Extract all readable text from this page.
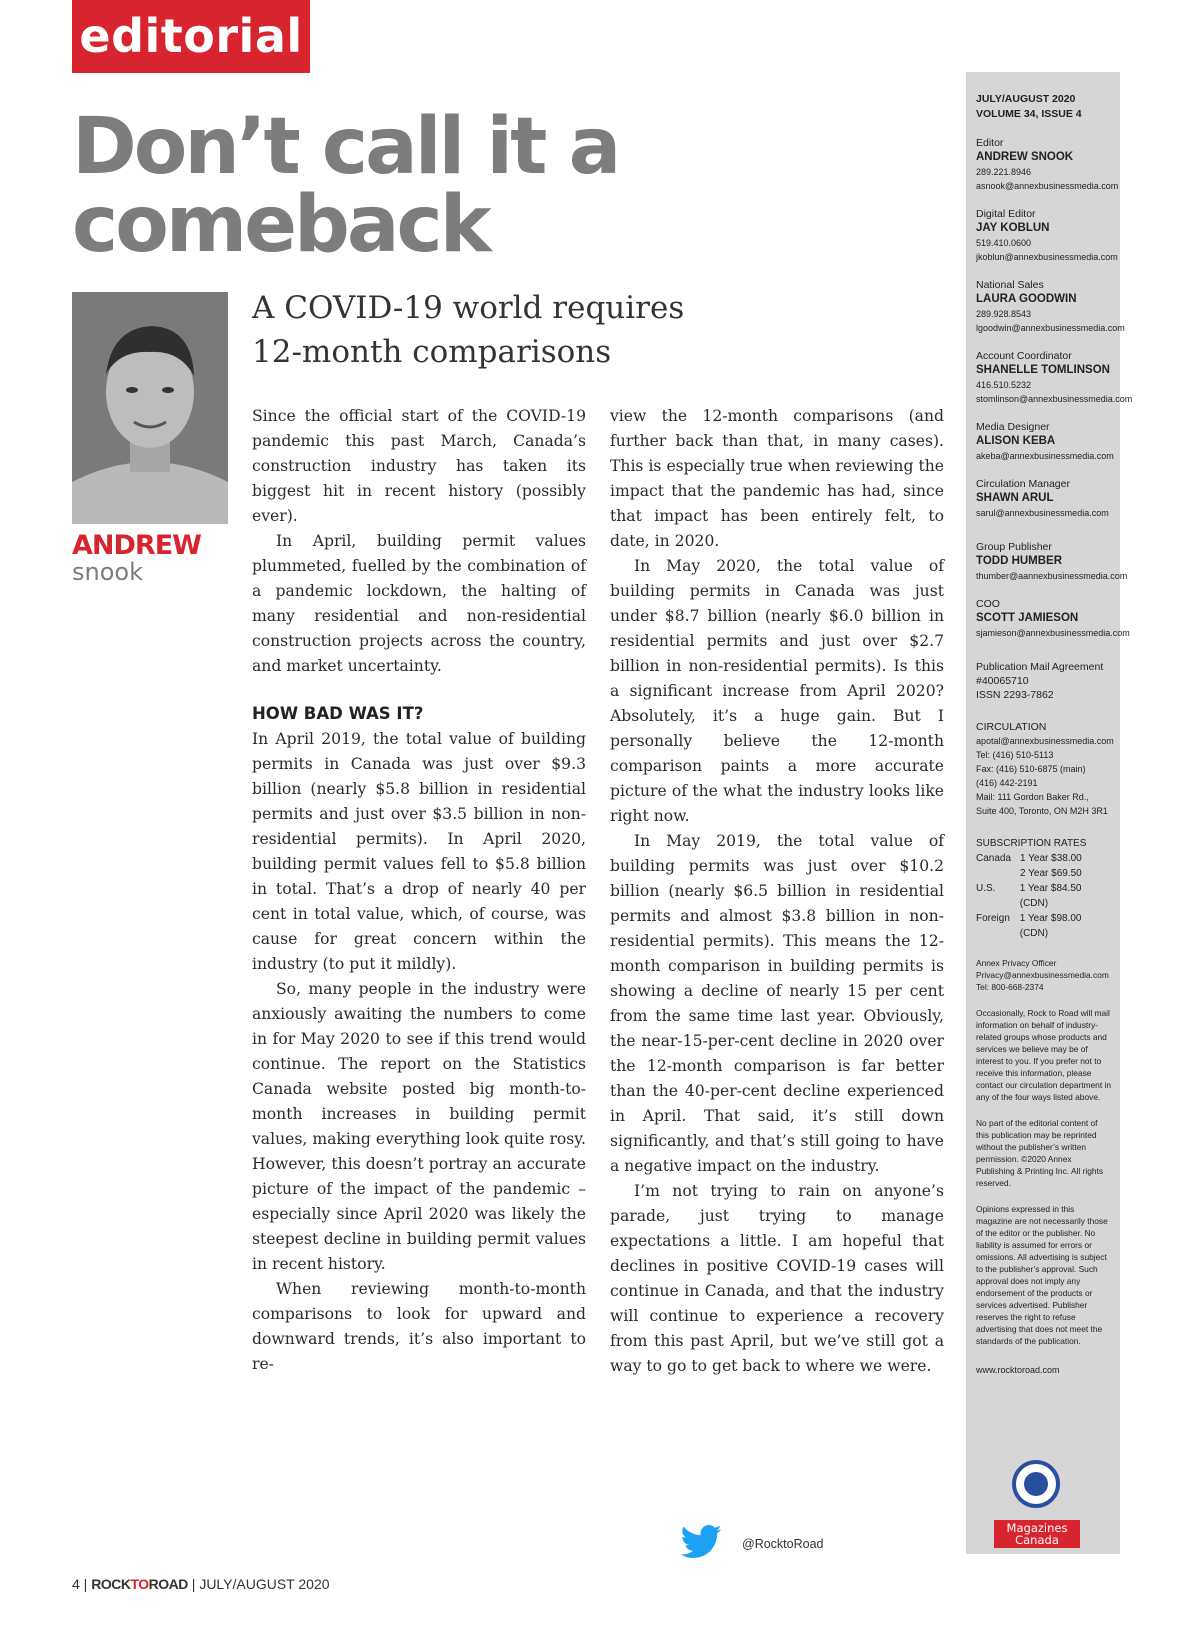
editorial
Don’t call it a
comeback
ANDREW
snook
A COVID-19 world requires
12-month comparisons

Since the official start of the COVID-19 pandemic this past March, Canada’s construction industry has taken its biggest hit in recent history (possibly ever).

In April, building permit values plummeted, fuelled by the combination of a pandemic lockdown, the halting of many residential and non-residential construction projects across the country, and market uncertainty.

HOW BAD WAS IT?

In April 2019, the total value of building permits in Canada was just over $9.3 billion (nearly $5.8 billion in residential permits and just over $3.5 billion in non-residential permits). In April 2020, building permit values fell to $5.8 billion in total. That’s a drop of nearly 40 per cent in total value, which, of course, was cause for great concern within the industry (to put it mildly).

So, many people in the industry were anxiously awaiting the numbers to come in for May 2020 to see if this trend would continue. The report on the Statistics Canada website posted big month-to-month increases in building permit values, making everything look quite rosy. However, this doesn’t portray an accurate picture of the impact of the pandemic – especially since April 2020 was likely the steepest decline in building permit values in recent history.

When reviewing month-to-month comparisons to look for upward and downward trends, it’s also important to re-

view the 12-month comparisons (and further back than that, in many cases). This is especially true when reviewing the impact that the pandemic has had, since that impact has been entirely felt, to date, in 2020.

In May 2020, the total value of building permits in Canada was just under $8.7 billion (nearly $6.0 billion in residential permits and just over $2.7 billion in non-residential permits). Is this a significant increase from April 2020? Absolutely, it’s a huge gain. But I personally believe the 12-month comparison paints a more accurate picture of the what the industry looks like right now.

In May 2019, the total value of building permits was just over $10.2 billion (nearly $6.5 billion in residential permits and almost $3.8 billion in non-residential permits). This means the 12-month comparison in building permits is showing a decline of nearly 15 per cent from the same time last year. Obviously, the near-15-per-cent decline in 2020 over the 12-month comparison is far better than the 40-per-cent decline experienced in April. That said, it’s still down significantly, and that’s still going to have a negative impact on the industry.

I’m not trying to rain on anyone’s parade, just trying to manage expectations a little. I am hopeful that declines in positive COVID-19 cases will continue in Canada, and that the industry will continue to experience a recovery from this past April, but we’ve still got a way to go to get back to where we were.

JULY/AUGUST 2020
VOLUME 34, ISSUE 4
Editor
ANDREW SNOOK
289.221.8946
asnook@annexbusinessmedia.com
Digital Editor
JAY KOBLUN
519.410.0600
jkoblun@annexbusinessmedia.com
National Sales
LAURA GOODWIN
289.928.8543
lgoodwin@annexbusinessmedia.com
Account Coordinator
SHANELLE TOMLINSON
416.510.5232
stomlinson@annexbusinessmedia.com
Media Designer
ALISON KEBA
akeba@annexbusinessmedia.com
Circulation Manager
SHAWN ARUL
sarul@annexbusinessmedia.com
Group Publisher
TODD HUMBER
thumber@aannexbusinessmedia.com
COO
SCOTT JAMIESON
sjamieson@annexbusinessmedia.com
Publication Mail Agreement
#40065710
ISSN 2293-7862
CIRCULATION
apotal@annexbusinessmedia.com
Tel: (416) 510-5113
Fax: (416) 510-6875 (main)
(416) 442-2191
Mail: 111 Gordon Baker Rd.,
Suite 400, Toronto, ON M2H 3R1
SUBSCRIPTION RATES
Canada 1 Year $38.00
2 Year $69.50
U.S.	1 Year $84.50 (CDN)
Foreign 1 Year $98.00 (CDN)
Annex Privacy Officer
Privacy@annexbusinessmedia.com
Tel: 800-668-2374
Occasionally, Rock to Road will mail information on behalf of industry-related groups whose products and services we believe may be of interest to you. If you prefer not to receive this information, please contact our circulation department in any of the four ways listed above.
No part of the editorial content of this publication may be reprinted without the publisher’s written permission. ©2020 Annex Publishing & Printing Inc. All rights reserved.
Opinions expressed in this magazine are not necessarily those of the editor or the publisher. No liability is assumed for errors or omissions. All advertising is subject to the publisher’s approval. Such approval does not imply any endorsement of the products or services advertised. Publisher reserves the right to refuse advertising that does not meet the standards of the publication.
www.rocktoroad.com
Magazines
Canada
@RocktoRoad
4 | ROCKTOROAD | JULY/AUGUST 2020
